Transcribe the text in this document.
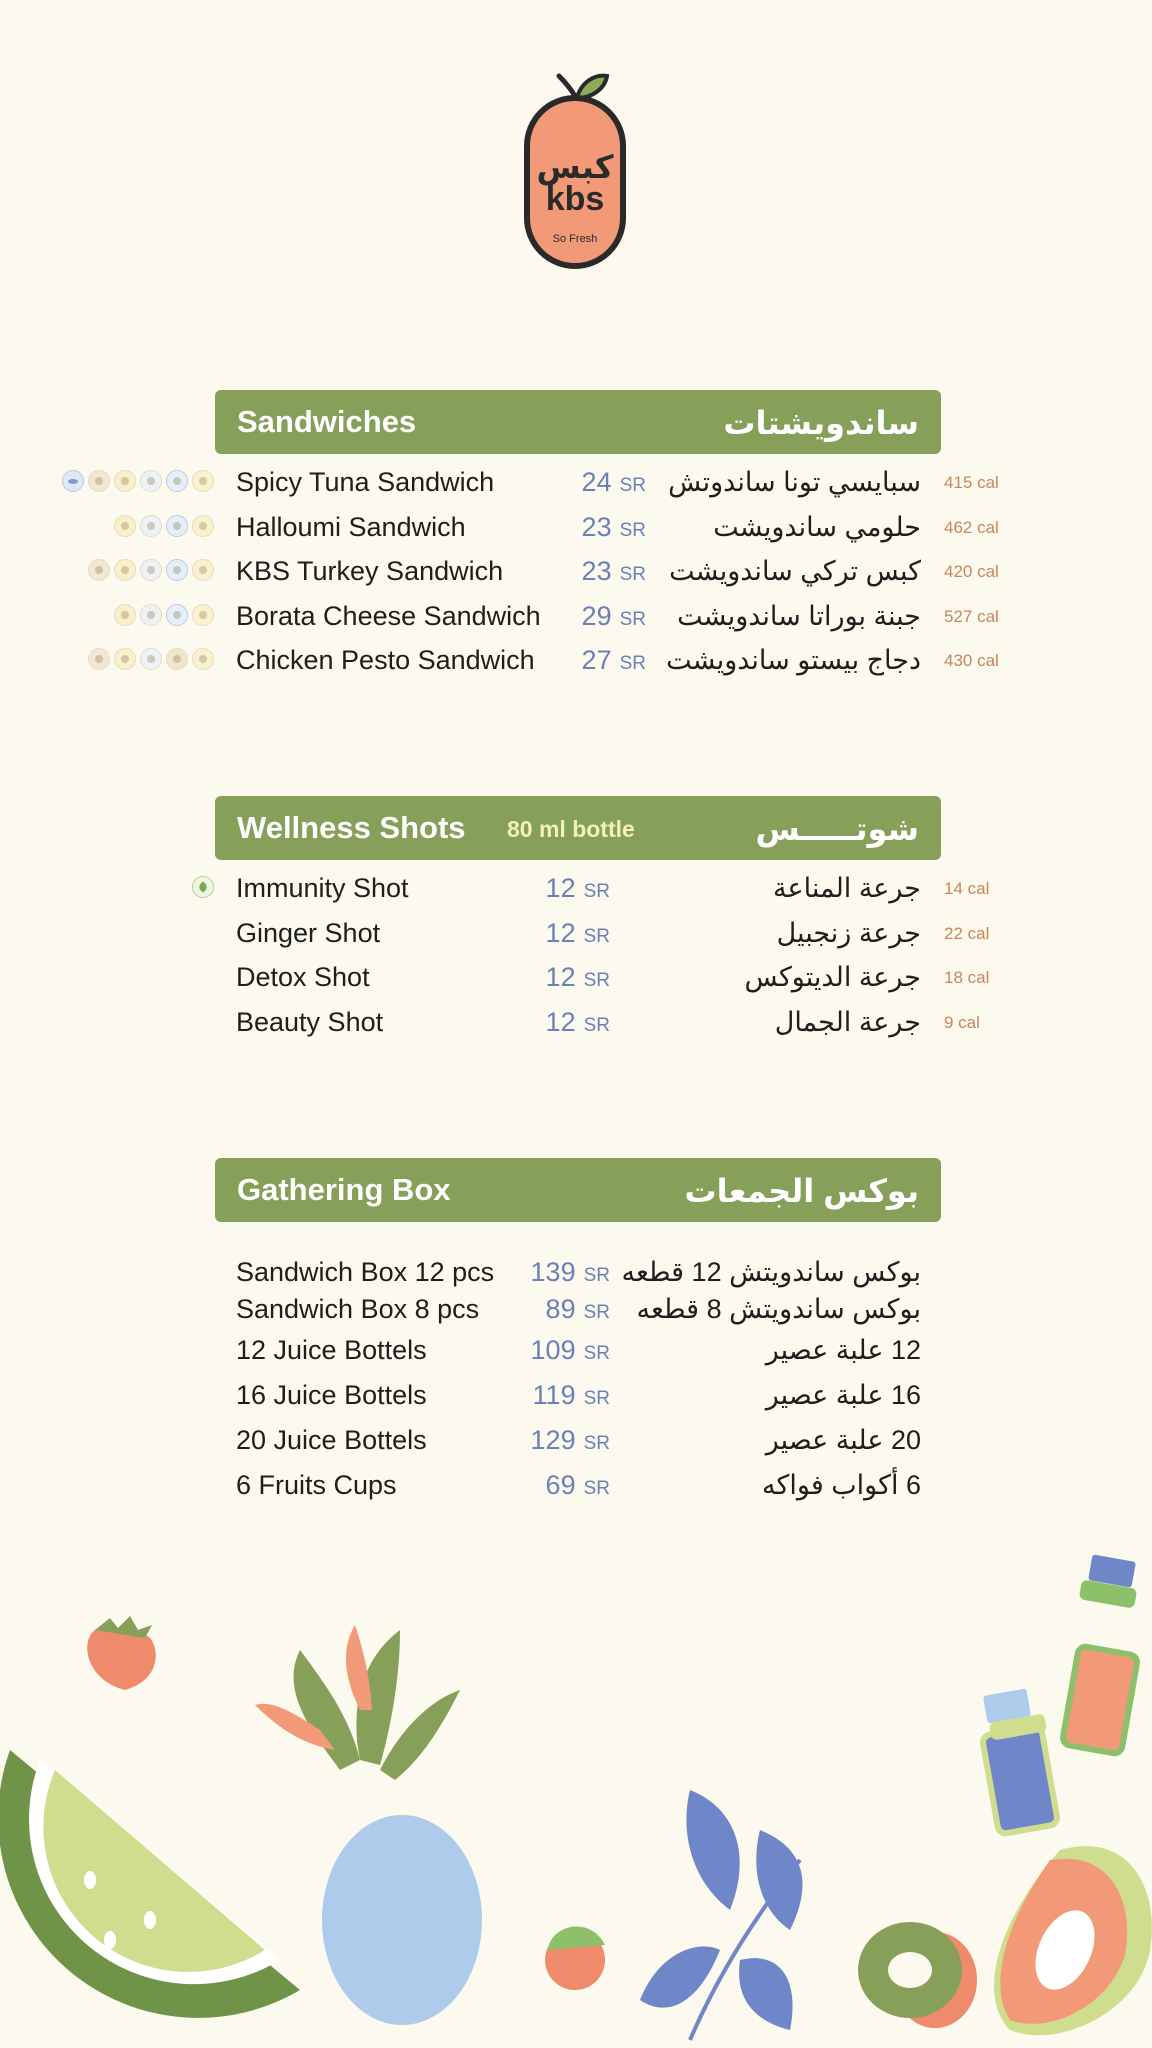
كبس
kbs
So Fresh
Sandwiches	ساندويشتات
Spicy Tuna Sandwich	24 SR سبايسي تونا ساندوتش 415 cal
Halloumi Sandwich	23 SR حلومي ساندويشت 462 cal
KBS Turkey Sandwich	23 SR كبس تركي ساندويشت 420 cal
Borata Cheese Sandwich 29 SR جبنة بوراتا ساندويشت 527 cal
Chicken Pesto Sandwich 27 SR دجاج بيستو ساندويشت 430 cal
Wellness Shots 80 ml bottle	شوتـــــس
Immunity Shot	12 SR	جرعة المناعة 14 cal
Ginger Shot	12 SR	جرعة زنجبيل 22 cal
Detox Shot	12 SR	جرعة الديتوكس 18 cal
Beauty Shot	12 SR	جرعة الجمال 9 cal
Gathering Box	بوكس الجمعات
Sandwich Box 12 pcs 139 SR بوكس ساندويتش 12 قطعه
Sandwich Box 8 pcs 89 SR بوكس ساندويتش 8 قطعه
12 Juice Bottels	109 SR	12 علبة عصير
16 Juice Bottels	119 SR	16 علبة عصير
20 Juice Bottels	129 SR	20 علبة عصير
6 Fruits Cups	69 SR	6 أكواب فواكه
